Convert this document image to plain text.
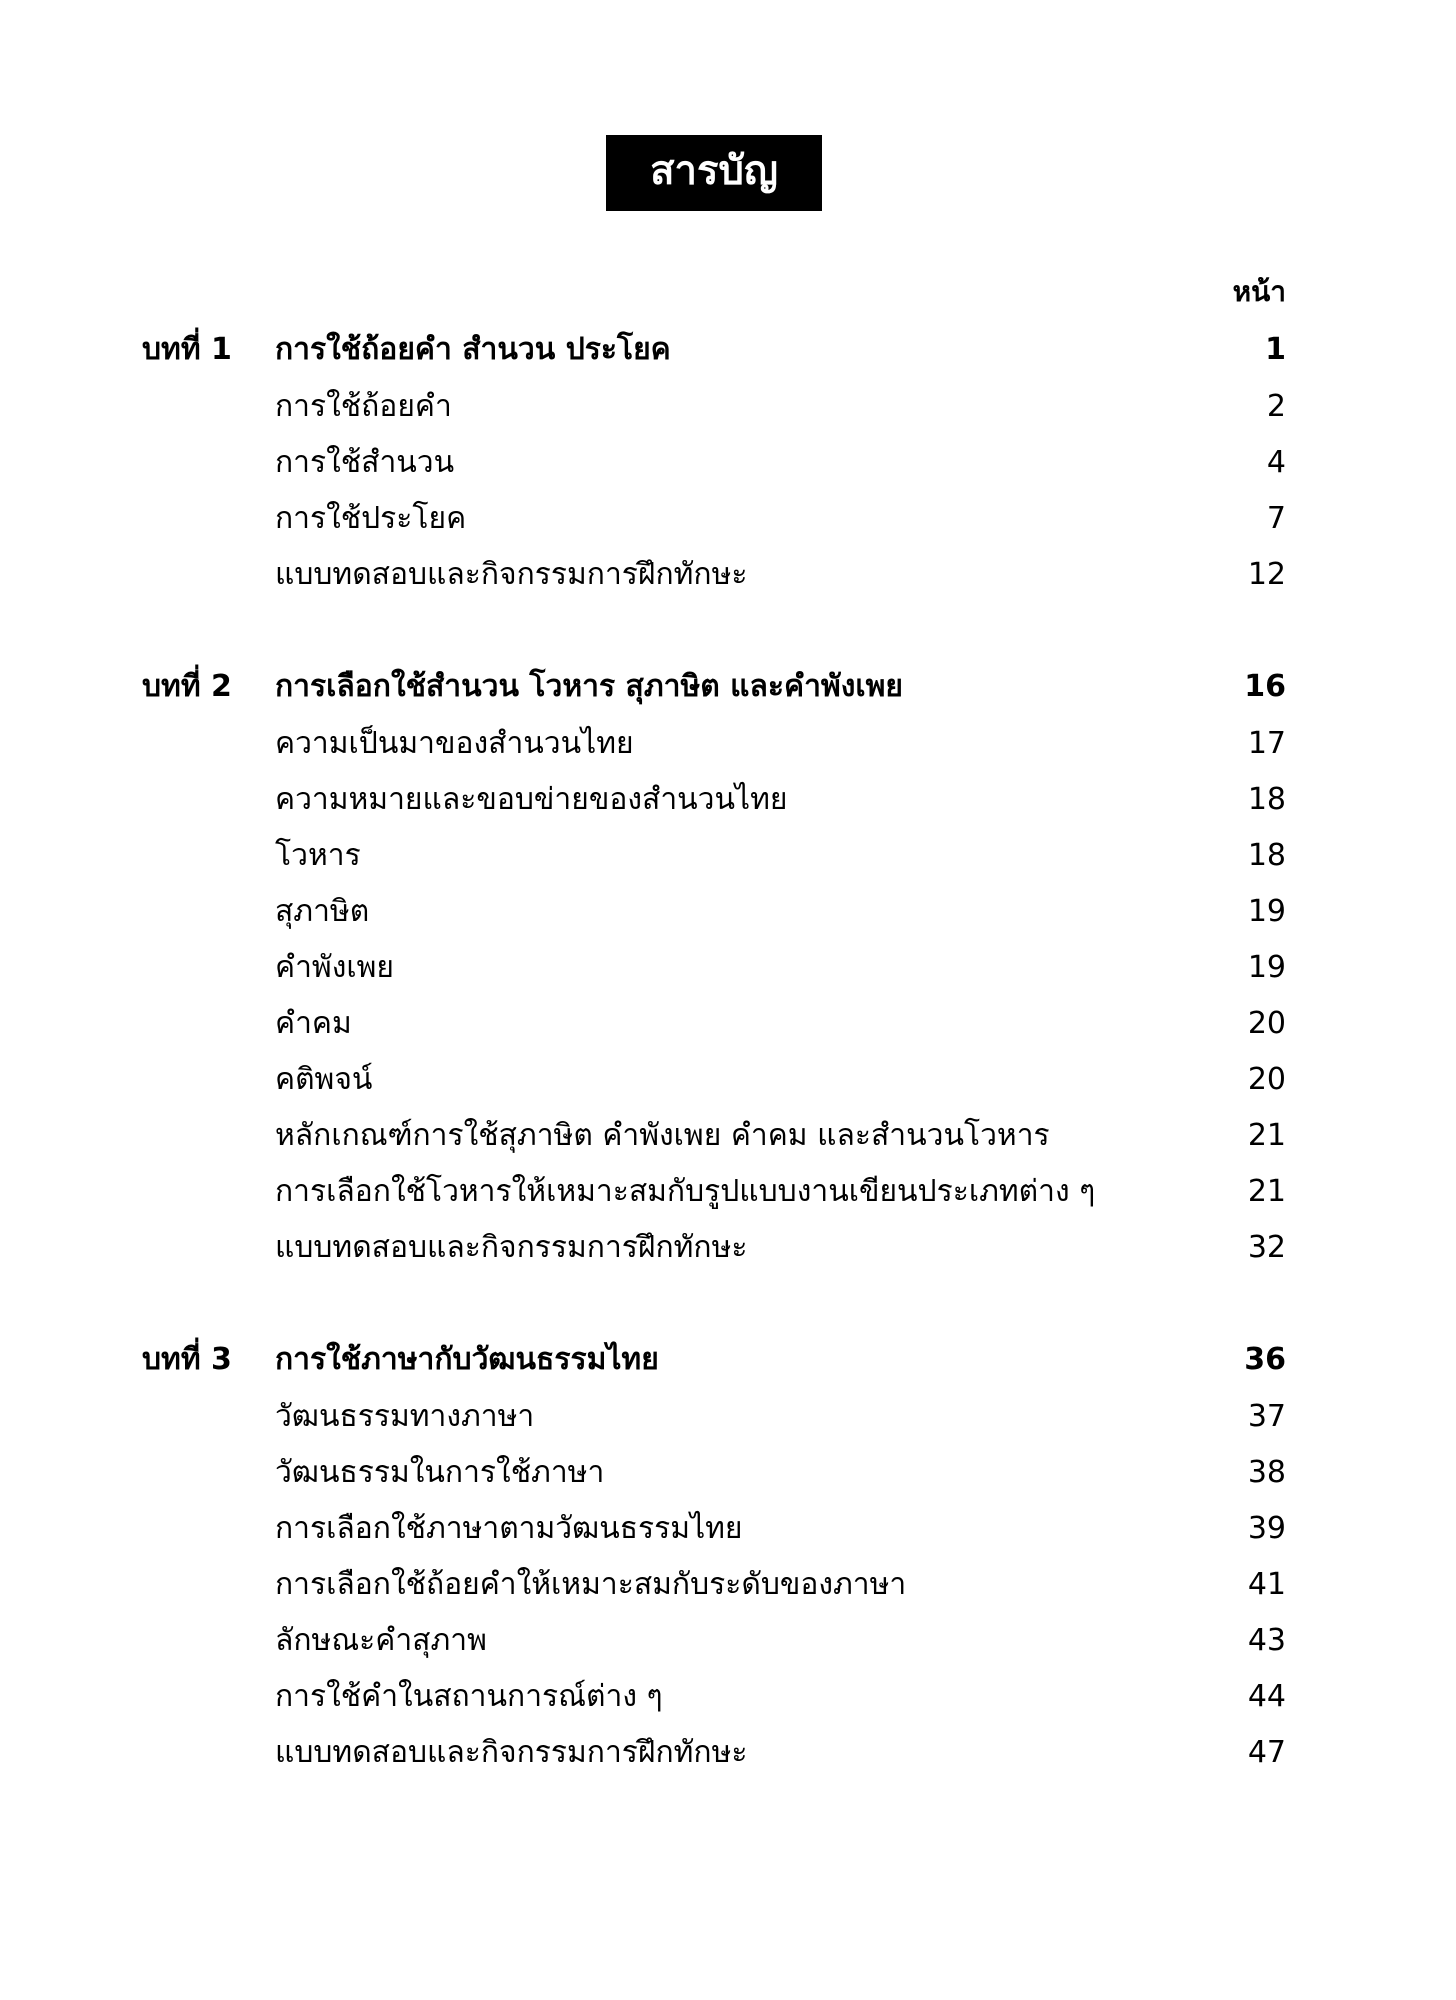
สารบัญ
หน้า
บทที่ 1 การใช้ถ้อยคำ สำนวน ประโยค	1
การใช้ถ้อยคำ	2
การใช้สำนวน	4
การใช้ประโยค	7
แบบทดสอบและกิจกรรมการฝึกทักษะ	12
บทที่ 2 การเลือกใช้สำนวน โวหาร สุภาษิต และคำพังเพย	16
ความเป็นมาของสำนวนไทย	17
ความหมายและขอบข่ายของสำนวนไทย	18
โวหาร	18
สุภาษิต	19
คำพังเพย	19
คำคม	20
คติพจน์	20
หลักเกณฑ์การใช้สุภาษิต คำพังเพย คำคม และสำนวนโวหาร	21
การเลือกใช้โวหารให้เหมาะสมกับรูปแบบงานเขียนประเภทต่าง ๆ	21
แบบทดสอบและกิจกรรมการฝึกทักษะ	32
บทที่ 3 การใช้ภาษากับวัฒนธรรมไทย	36
วัฒนธรรมทางภาษา	37
วัฒนธรรมในการใช้ภาษา	38
การเลือกใช้ภาษาตามวัฒนธรรมไทย	39
การเลือกใช้ถ้อยคำให้เหมาะสมกับระดับของภาษา	41
ลักษณะคำสุภาพ	43
การใช้คำในสถานการณ์ต่าง ๆ	44
แบบทดสอบและกิจกรรมการฝึกทักษะ	47
